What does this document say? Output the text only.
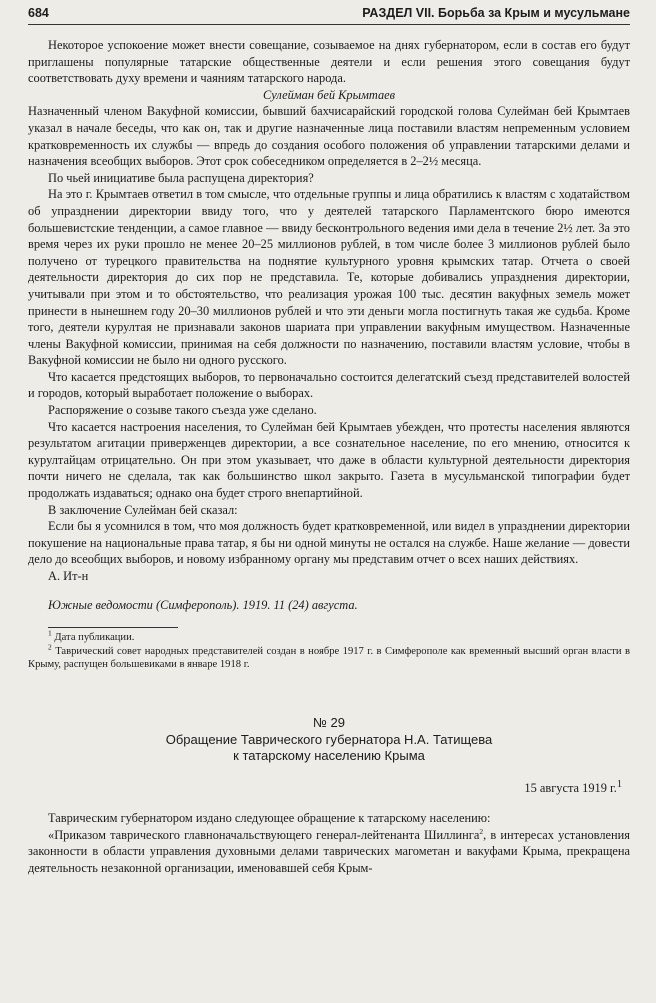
684	РАЗДЕЛ VII. Борьба за Крым и мусульмане

Некоторое успокоение может внести совещание, созываемое на днях губернатором, если в состав его будут приглашены популярные татарские общественные деятели и если решения этого совещания будут соответствовать духу времени и чаяниям татарского народа.

Сулейман бей Крымтаев

Назначенный членом Вакуфной комиссии, бывший бахчисарайский городской голова Сулейман бей Крымтаев указал в начале беседы, что как он, так и другие назначенные лица поставили властям непременным условием кратковременность их службы — впредь до создания особого положения об управлении татарскими делами и назначения всеобщих выборов. Этот срок собеседником определяется в 2–2½ месяца.

По чьей инициативе была распущена директория?

На это г. Крымтаев ответил в том смысле, что отдельные группы и лица обратились к властям с ходатайством об упразднении директории ввиду того, что у деятелей татарского Парламентского бюро имеются большевистские тенденции, а самое главное — ввиду бесконтрольного ведения ими дела в течение 2½ лет. За это время через их руки прошло не менее 20–25 миллионов рублей, в том числе более 3 миллионов рублей было получено от турецкого правительства на поднятие культурного уровня крымских татар. Отчета о своей деятельности директория до сих пор не представила. Те, которые добивались упразднения директории, учитывали при этом и то обстоятельство, что реализация урожая 100 тыс. десятин вакуфных земель может принести в нынешнем году 20–30 миллионов рублей и что эти деньги могла постигнуть такая же судьба. Кроме того, деятели курултая не признавали законов шариата при управлении вакуфным имуществом. Назначенные члены Вакуфной комиссии, принимая на себя должности по назначению, поставили властям условие, чтобы в Вакуфной комиссии не было ни одного русского.

Что касается предстоящих выборов, то первоначально состоится делегатский съезд представителей волостей и городов, который выработает положение о выборах.

Распоряжение о созыве такого съезда уже сделано.

Что касается настроения населения, то Сулейман бей Крымтаев убежден, что протесты населения являются результатом агитации приверженцев директории, а все сознательное население, по его мнению, относится к курултайцам отрицательно. Он при этом указывает, что даже в области культурной деятельности директория почти ничего не сделала, так как большинство школ закрыто. Газета в мусульманской типографии будет продолжать издаваться; однако она будет строго внепартийной.

В заключение Сулейман бей сказал:

Если бы я усомнился в том, что моя должность будет кратковременной, или видел в упразднении директории покушение на национальные права татар, я бы ни одной минуты не остался на службе. Наше желание — довести дело до всеобщих выборов, и новому избранному органу мы представим отчет о всех наших действиях.

А. Ит-н

Южные ведомости (Симферополь). 1919. 11 (24) августа.

$^1$ Дата публикации.

$^2$ Таврический совет народных представителей создан в ноябре 1917 г. в Симферополе как временный высший орган власти в Крыму, распущен большевиками в январе 1918 г.

№ 29
Обращение Таврического губернатора Н.А. Татищева
к татарскому населению Крыма
15 августа 1919 г.$^1$

Таврическим губернатором издано следующее обращение к татарскому населению:

«Приказом таврического главноначальствующего генерал-лейтенанта Шиллинга$^2$, в интересах установления законности в области управления духовными делами таврических магометан и вакуфами Крыма, прекращена деятельность незаконной организации, именовавшей себя Крым-
